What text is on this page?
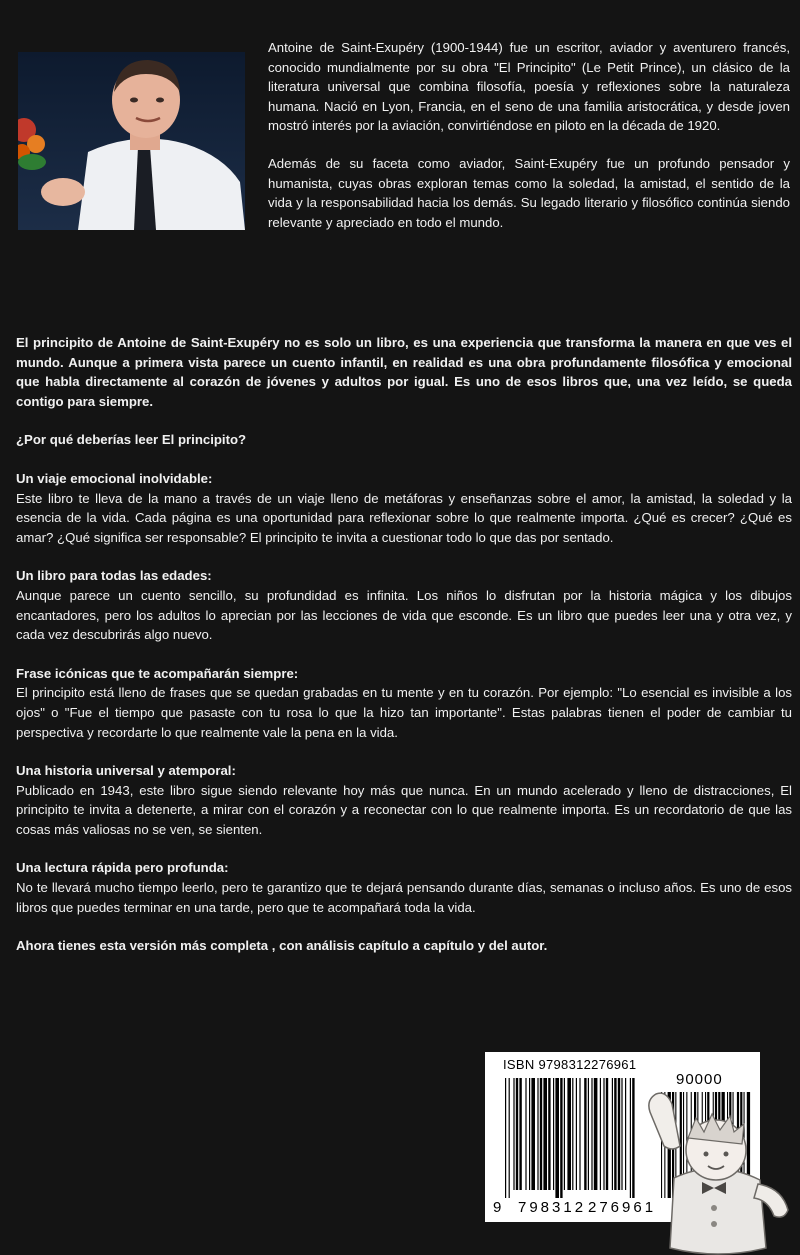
Antoine de Saint-Exupéry (1900-1944) fue un escritor, aviador y aventurero francés, conocido mundialmente por su obra "El Principito" (Le Petit Prince), un clásico de la literatura universal que combina filosofía, poesía y reflexiones sobre la naturaleza humana. Nació en Lyon, Francia, en el seno de una familia aristocrática, y desde joven mostró interés por la aviación, convirtiéndose en piloto en la década de 1920.

Además de su faceta como aviador, Saint-Exupéry fue un profundo pensador y humanista, cuyas obras exploran temas como la soledad, la amistad, el sentido de la vida y la responsabilidad hacia los demás. Su legado literario y filosófico continúa siendo relevante y apreciado en todo el mundo.

El principito de Antoine de Saint-Exupéry no es solo un libro, es una experiencia que transforma la manera en que ves el mundo. Aunque a primera vista parece un cuento infantil, en realidad es una obra profundamente filosófica y emocional que habla directamente al corazón de jóvenes y adultos por igual. Es uno de esos libros que, una vez leído, se queda contigo para siempre.

¿Por qué deberías leer El principito?

Un viaje emocional inolvidable:

Este libro te lleva de la mano a través de un viaje lleno de metáforas y enseñanzas sobre el amor, la amistad, la soledad y la esencia de la vida. Cada página es una oportunidad para reflexionar sobre lo que realmente importa. ¿Qué es crecer? ¿Qué es amar? ¿Qué significa ser responsable? El principito te invita a cuestionar todo lo que das por sentado.

Un libro para todas las edades:

Aunque parece un cuento sencillo, su profundidad es infinita. Los niños lo disfrutan por la historia mágica y los dibujos encantadores, pero los adultos lo aprecian por las lecciones de vida que esconde. Es un libro que puedes leer una y otra vez, y cada vez descubrirás algo nuevo.

Frase icónicas que te acompañarán siempre:

El principito está lleno de frases que se quedan grabadas en tu mente y en tu corazón. Por ejemplo: "Lo esencial es invisible a los ojos" o "Fue el tiempo que pasaste con tu rosa lo que la hizo tan importante". Estas palabras tienen el poder de cambiar tu perspectiva y recordarte lo que realmente vale la pena en la vida.

Una historia universal y atemporal:

Publicado en 1943, este libro sigue siendo relevante hoy más que nunca. En un mundo acelerado y lleno de distracciones, El principito te invita a detenerte, a mirar con el corazón y a reconectar con lo que realmente importa. Es un recordatorio de que las cosas más valiosas no se ven, se sienten.

Una lectura rápida pero profunda:

No te llevará mucho tiempo leerlo, pero te garantizo que te dejará pensando durante días, semanas o incluso años. Es uno de esos libros que puedes terminar en una tarde, pero que te acompañará toda la vida.

Ahora tienes esta versión más completa , con análisis capítulo a capítulo y del autor.

ISBN 9798312276961
90000
9 798312 276961
